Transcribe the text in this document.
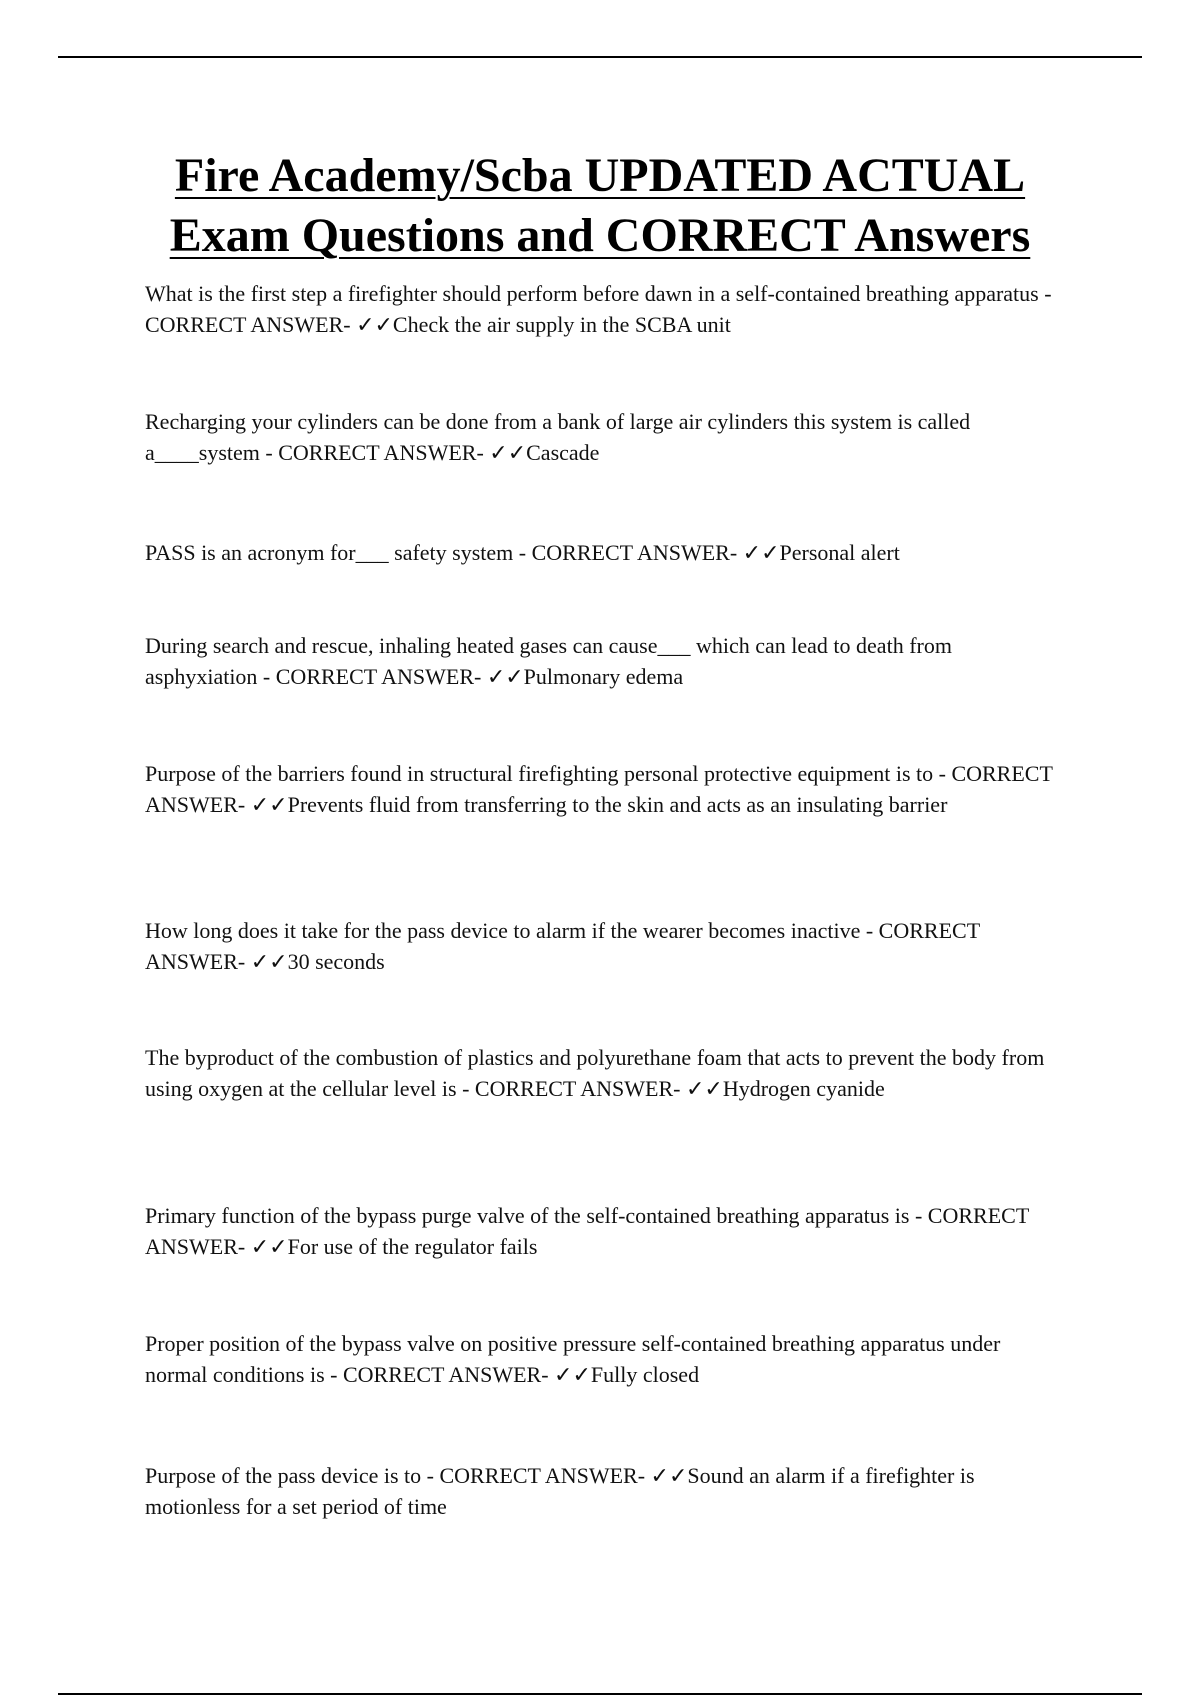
Fire Academy/Scba UPDATED ACTUAL
Exam Questions and CORRECT Answers

What is the first step a firefighter should perform before dawn in a self-contained breathing apparatus - CORRECT ANSWER- ✓✓Check the air supply in the SCBA unit

Recharging your cylinders can be done from a bank of large air cylinders this system is called a____system - CORRECT ANSWER- ✓✓Cascade

PASS is an acronym for___ safety system - CORRECT ANSWER- ✓✓Personal alert

During search and rescue, inhaling heated gases can cause___ which can lead to death from asphyxiation - CORRECT ANSWER- ✓✓Pulmonary edema

Purpose of the barriers found in structural firefighting personal protective equipment is to - CORRECT ANSWER- ✓✓Prevents fluid from transferring to the skin and acts as an insulating barrier

How long does it take for the pass device to alarm if the wearer becomes inactive - CORRECT ANSWER- ✓✓30 seconds

The byproduct of the combustion of plastics and polyurethane foam that acts to prevent the body from using oxygen at the cellular level is - CORRECT ANSWER- ✓✓Hydrogen cyanide

Primary function of the bypass purge valve of the self-contained breathing apparatus is - CORRECT ANSWER- ✓✓For use of the regulator fails

Proper position of the bypass valve on positive pressure self-contained breathing apparatus under normal conditions is - CORRECT ANSWER- ✓✓Fully closed

Purpose of the pass device is to - CORRECT ANSWER- ✓✓Sound an alarm if a firefighter is motionless for a set period of time
